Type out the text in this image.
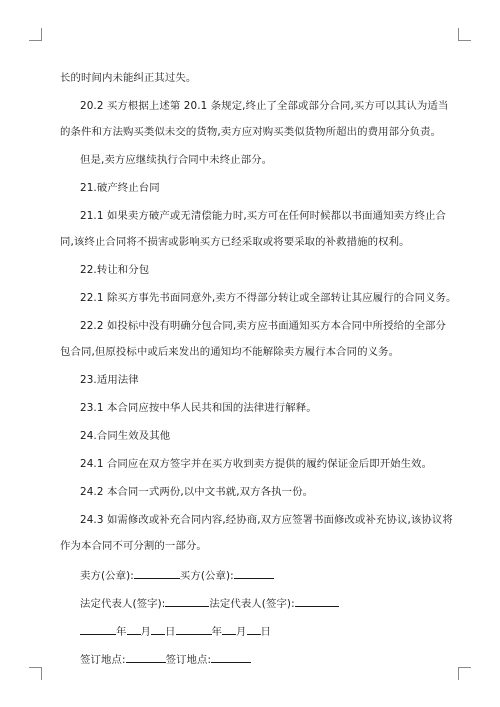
长的时间内未能纠正其过失。

20.2 买方根据上述第 20.1 条规定,终止了全部或部分合同,买方可以其认为适当
的条件和方法购买类似未交的货物,卖方应对购买类似货物所超出的费用部分负责。

但是,卖方应继续执行合同中未终止部分。

21.破产终止台同

21.1 如果卖方破产或无清偿能力时,买方可在任何时候都以书面通知卖方终止合
同,该终止合同将不损害或影响买方已经采取或将要采取的补救措施的权利。

22.转让和分包

22.1 除买方事先书面同意外,卖方不得部分转让或全部转让其应履行的合同义务。

22.2 如投标中没有明确分包合同,卖方应书面通知买方本合同中所授给的全部分
包合同,但原投标中或后来发出的通知均不能解除卖方履行本合同的义务。

23.适用法律

23.1 本合同应按中华人民共和国的法律进行解释。

24.合同生效及其他

24.1 合同应在双方签字并在买方收到卖方提供的履约保证金后即开始生效。

24.2 本合同一式两份,以中文书就,双方各执一份。

24.3 如需修改或补充合同内容,经协商,双方应签署书面修改或补充协议,该协议将
作为本合同不可分割的一部分。

卖方(公章):	买方(公章):

法定代表人(签字):	法定代表人(签字):

年 月 日	年 月 日

签订地点:	签订地点:
